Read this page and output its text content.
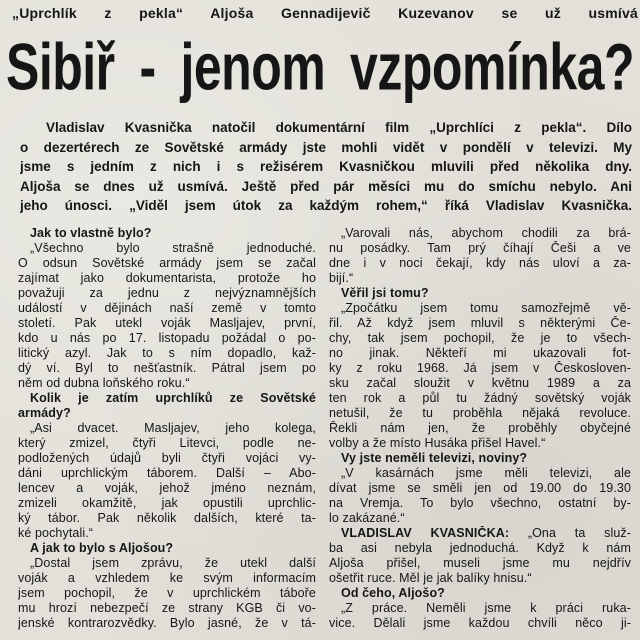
„Uprchlík z pekla“ Aljoša Gennadijevič Kuzevanov se už usmívá
Sibiř - jenom vzpomínka?
Vladislav Kvasnička natočil dokumentární film „Uprchlíci z pekla“. Dílo
o dezertérech ze Sovětské armády jste mohli vidět v pondělí v televizi. My
jsme s jedním z nich i s režisérem Kvasničkou mluvili před několika dny.
Aljoša se dnes už usmívá. Ještě před pár měsíci mu do smíchu nebylo. Ani
jeho únosci. „Viděl jsem útok za každým rohem,“ říká Vladislav Kvasnička.
Jak to vlastně bylo?
„Všechno bylo strašně jednoduché.
O odsun Sovětské armády jsem se začal
zajímat jako dokumentarista, protože ho
považuji za jednu z nejvýznamnějších
událostí v dějinách naší země v tomto
století. Pak utekl voják Masljajev, první,
kdo u nás po 17. listopadu požádal o po-
litický azyl. Jak to s ním dopadlo, kaž-
dý ví. Byl to nešťastník. Pátral jsem po
něm od dubna loňského roku.“
Kolik je zatím uprchlíků ze Sovětské
armády?
„Asi dvacet. Masljajev, jeho kolega,
který zmizel, čtyři Litevci, podle ne-
podložených údajů byli čtyři vojáci vy-
dáni uprchlickým táborem. Další – Abo-
lencev a voják, jehož jméno neznám,
zmizeli okamžitě, jak opustili uprchlic-
ký tábor. Pak několik dalších, které ta-
ké pochytali.“
A jak to bylo s Aljošou?
„Dostal jsem zprávu, že utekl další
voják a vzhledem ke svým informacím
jsem pochopil, že v uprchlickém táboře
mu hrozí nebezpečí ze strany KGB či vo-
jenské kontrarozvědky. Bylo jasné, že v tá-
„Varovali nás, abychom chodili za brá-
nu posádky. Tam prý číhají Češi a ve
dne i v noci čekají, kdy nás uloví a za-
bijí.“
Věřil jsi tomu?
„Zpočátku jsem tomu samozřejmě vě-
řil. Až když jsem mluvil s některými Če-
chy, tak jsem pochopil, že je to všech-
no jinak. Někteří mi ukazovali fot-
ky z roku 1968. Já jsem v Českosloven-
sku začal sloužit v květnu 1989 a za
ten rok a půl tu žádný sovětský voják
netušil, že tu proběhla nějaká revoluce.
Řekli nám jen, že proběhly obyčejné
volby a že místo Husáka přišel Havel.“
Vy jste neměli televizi, noviny?
„V kasárnách jsme měli televizi, ale
dívat jsme se směli jen od 19.00 do 19.30
na Vremja. To bylo všechno, ostatní by-
lo zakázané.“
VLADISLAV KVASNIČKA: „Ona ta služ-
ba asi nebyla jednoduchá. Když k nám
Aljoša přišel, museli jsme mu nejdřív
ošetřit ruce. Měl je jak balíky hnisu.“
Od čeho, Aljošo?
„Z práce. Neměli jsme k práci ruka-
vice. Dělali jsme každou chvíli něco ji-
